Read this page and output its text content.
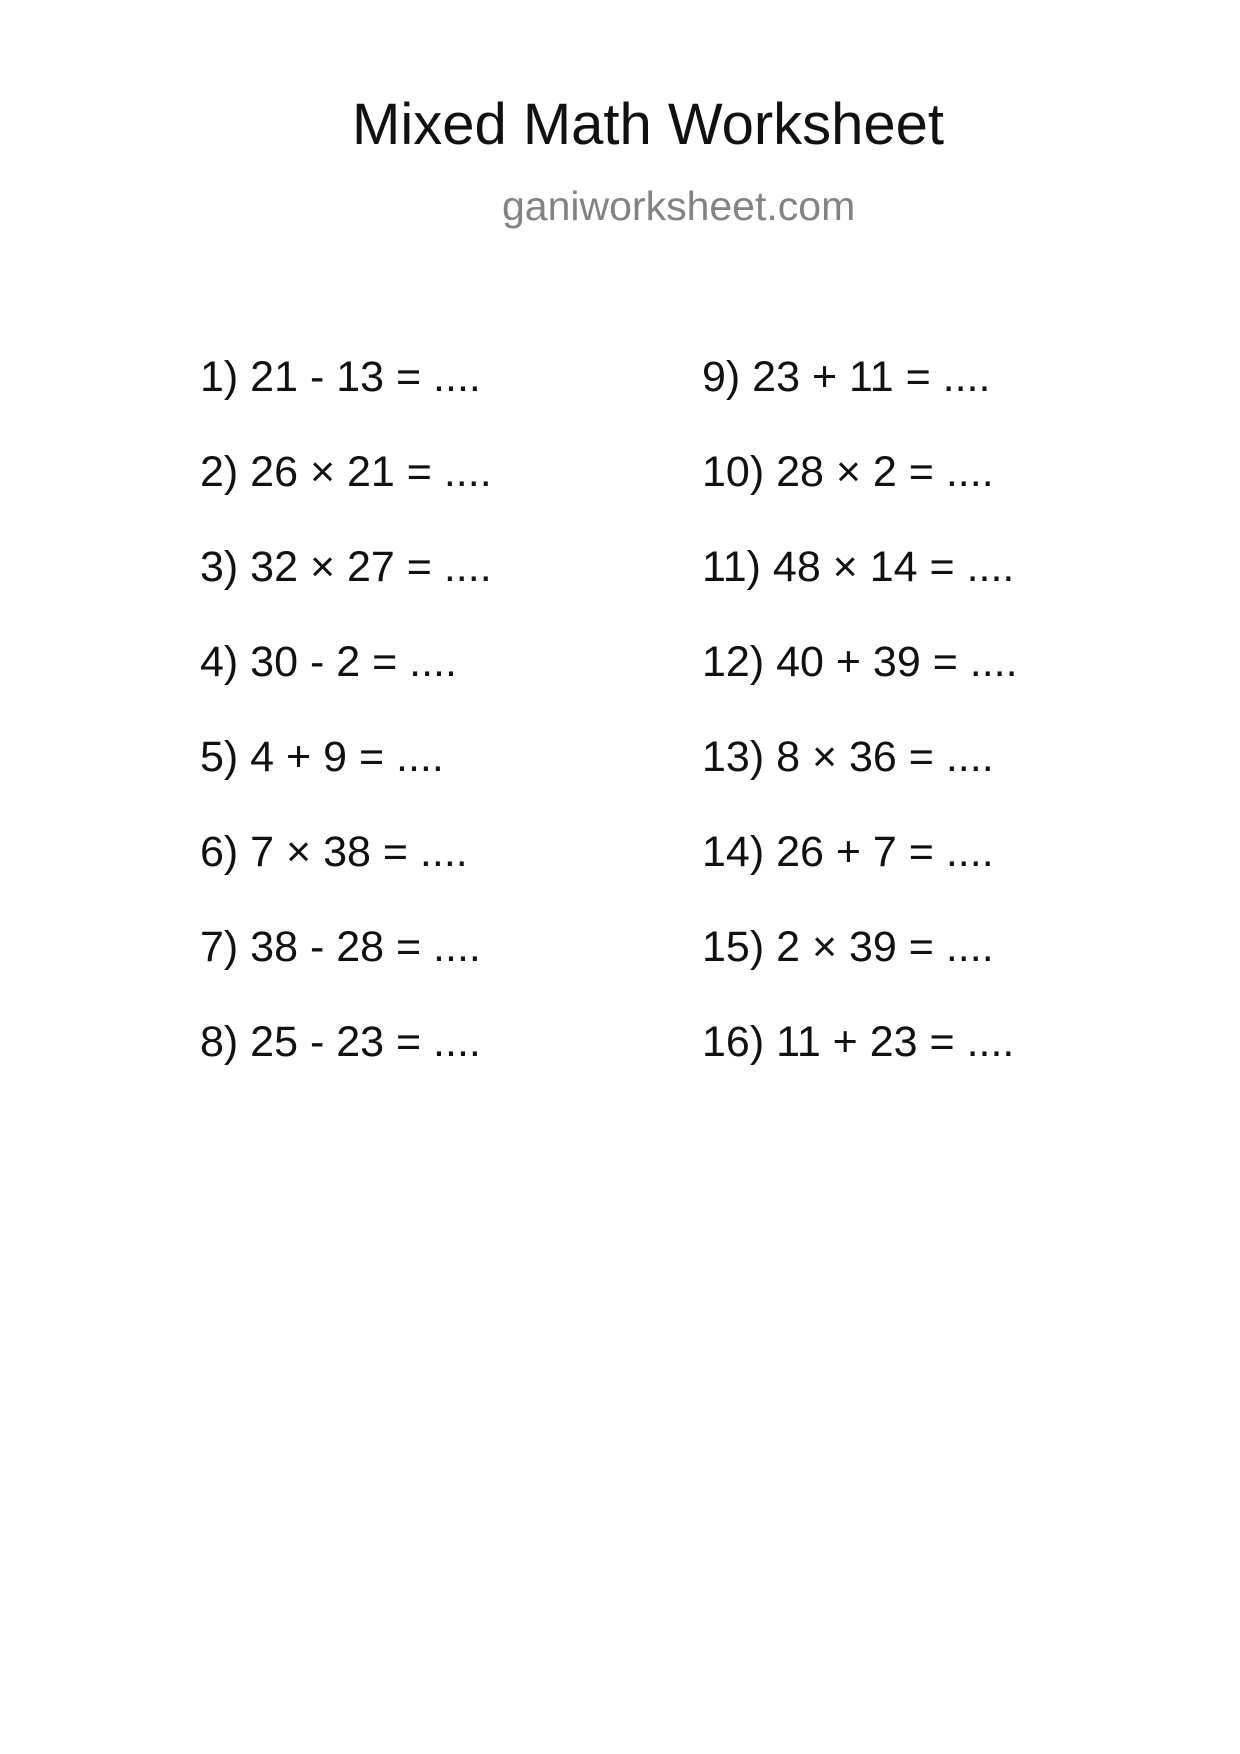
Mixed Math Worksheet
ganiworksheet.com
1) 21 - 13 = ....
2) 26 × 21 = ....
3) 32 × 27 = ....
4) 30 - 2 = ....
5) 4 + 9 = ....
6) 7 × 38 = ....
7) 38 - 28 = ....
8) 25 - 23 = ....
9) 23 + 11 = ....
10) 28 × 2 = ....
11) 48 × 14 = ....
12) 40 + 39 = ....
13) 8 × 36 = ....
14) 26 + 7 = ....
15) 2 × 39 = ....
16) 11 + 23 = ....
